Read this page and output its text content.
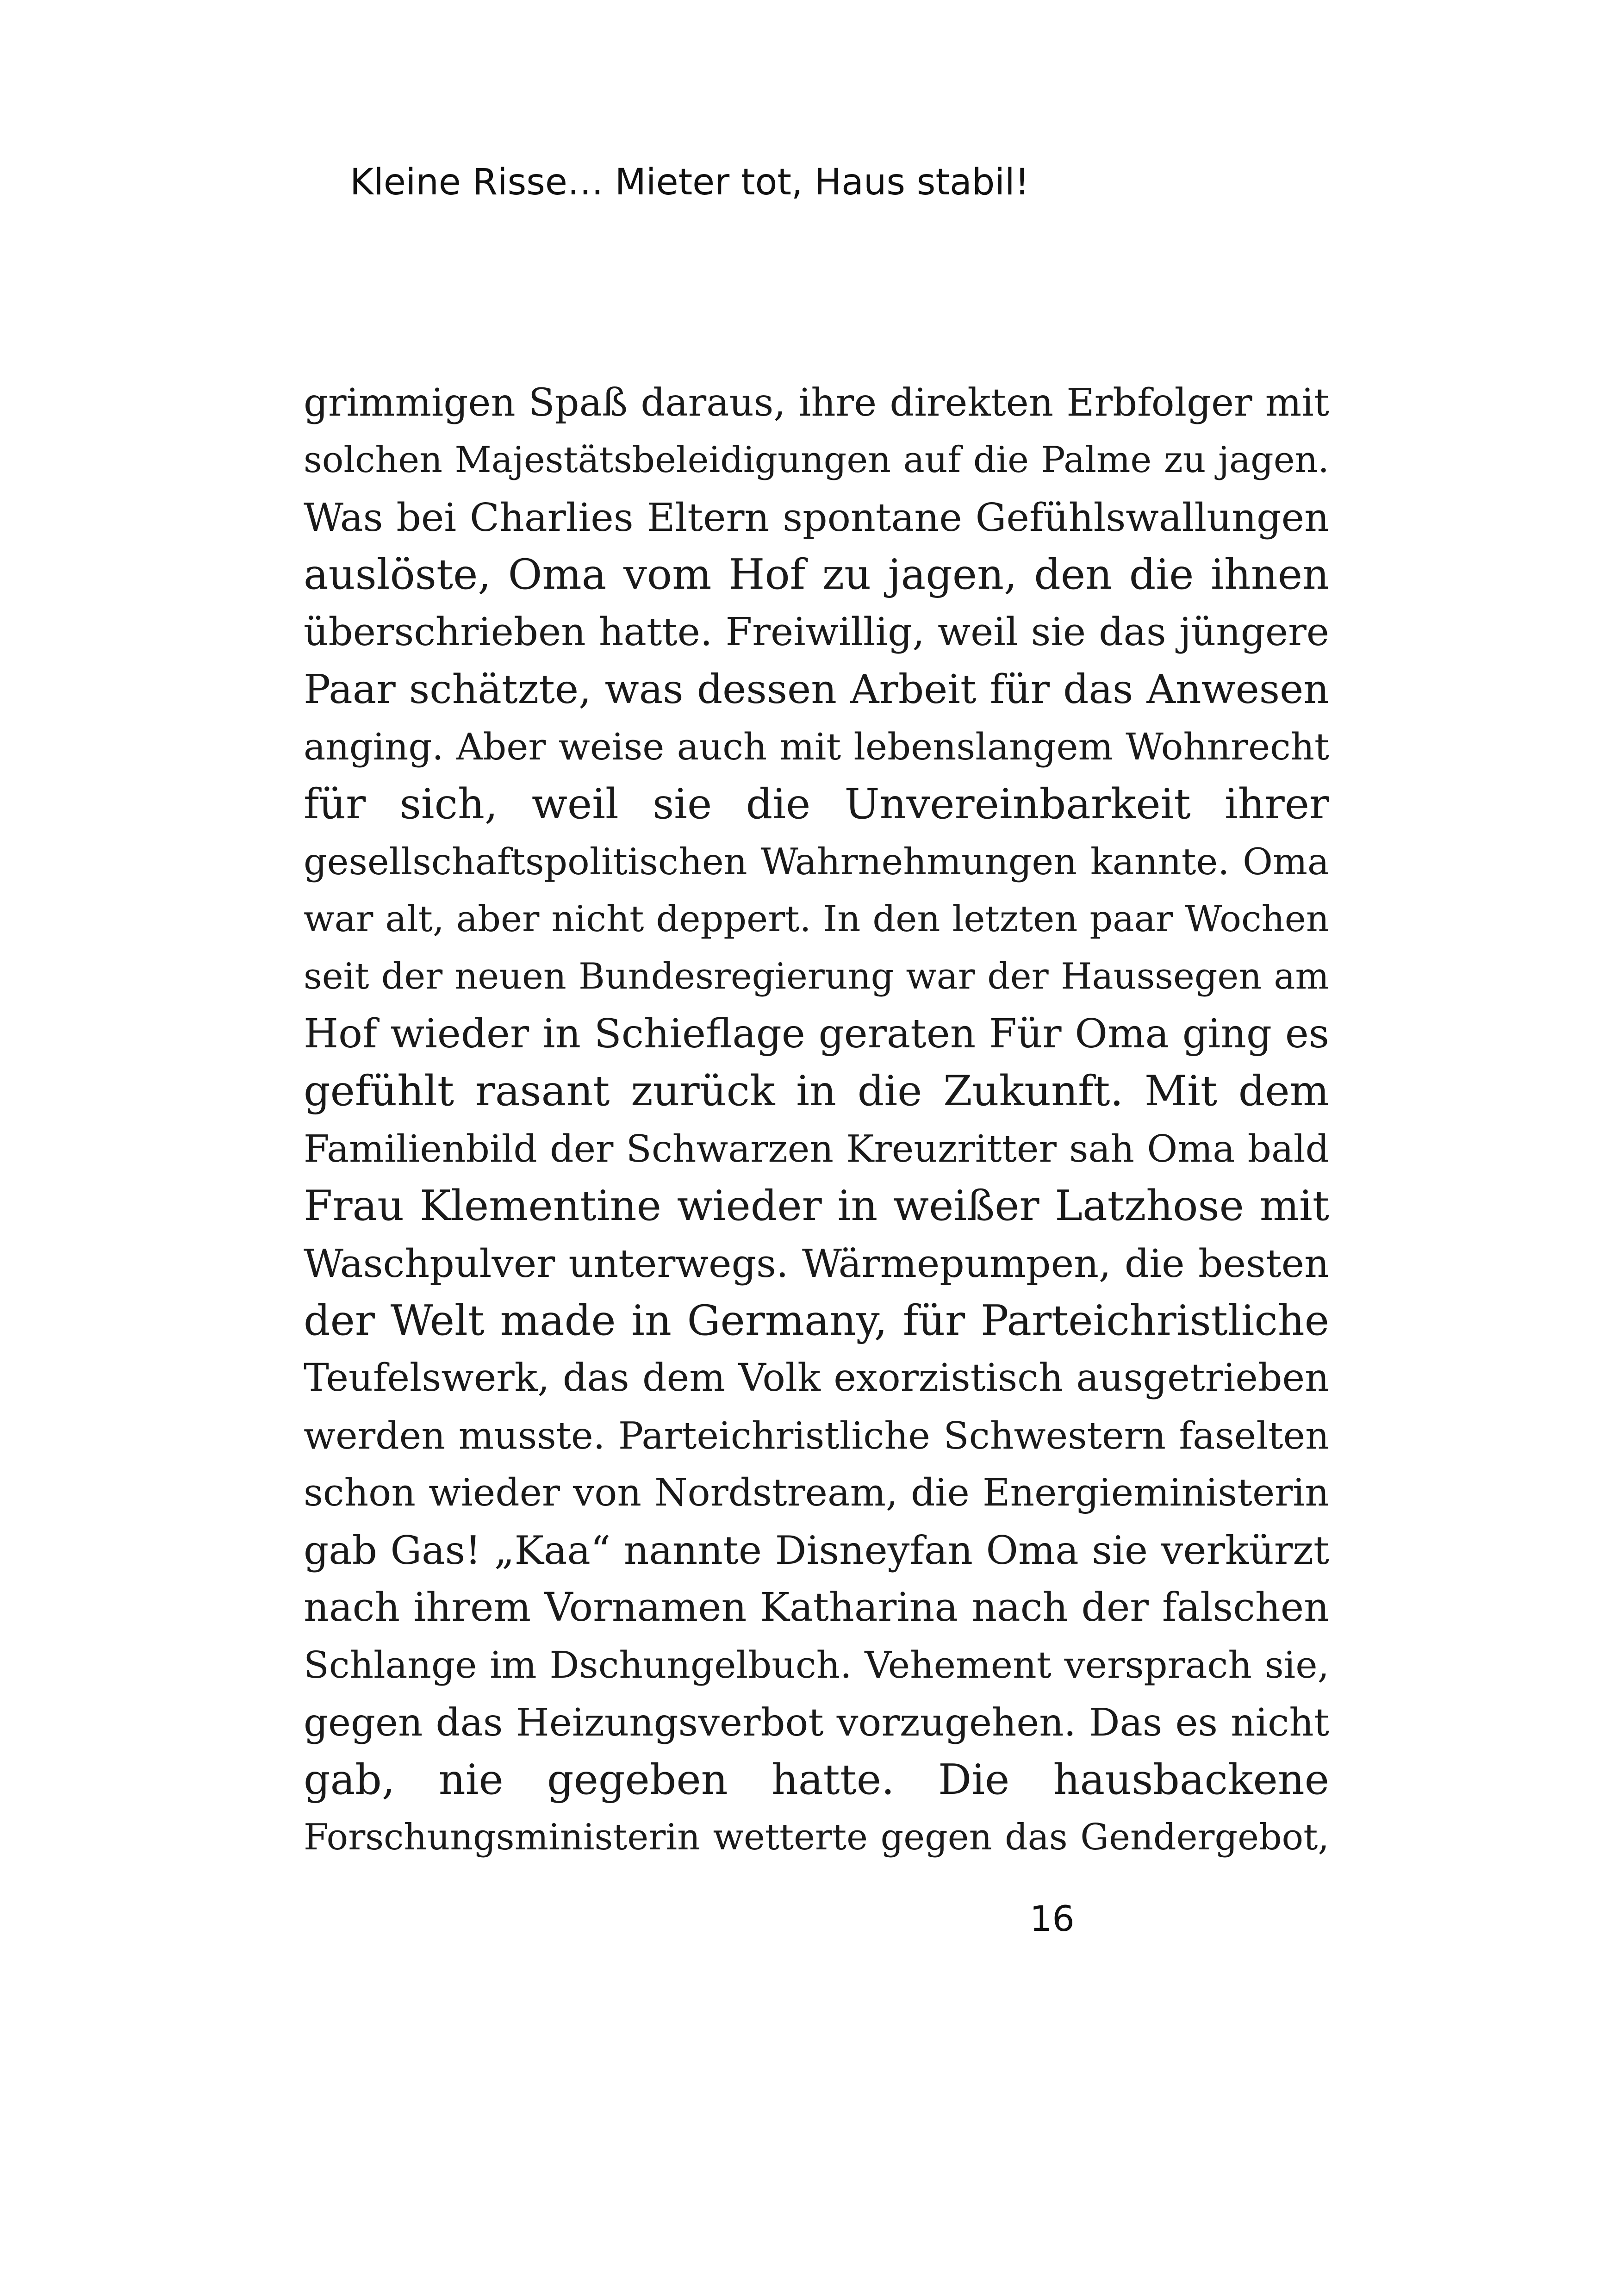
Kleine Risse… Mieter tot, Haus stabil!
grimmigen Spaß daraus, ihre direkten Erbfolger mit
solchen Majestätsbeleidigungen auf die Palme zu jagen.
Was bei Charlies Eltern spontane Gefühlswallungen
auslöste, Oma vom Hof zu jagen, den die ihnen
überschrieben hatte. Freiwillig, weil sie das jüngere
Paar schätzte, was dessen Arbeit für das Anwesen
anging. Aber weise auch mit lebenslangem Wohnrecht
für sich, weil sie die Unvereinbarkeit ihrer
gesellschaftspolitischen Wahrnehmungen kannte. Oma
war alt, aber nicht deppert. In den letzten paar Wochen
seit der neuen Bundesregierung war der Haussegen am
Hof wieder in Schieflage geraten Für Oma ging es
gefühlt rasant zurück in die Zukunft. Mit dem
Familienbild der Schwarzen Kreuzritter sah Oma bald
Frau Klementine wieder in weißer Latzhose mit
Waschpulver unterwegs. Wärmepumpen, die besten
der Welt made in Germany, für Parteichristliche
Teufelswerk, das dem Volk exorzistisch ausgetrieben
werden musste. Parteichristliche Schwestern faselten
schon wieder von Nordstream, die Energieministerin
gab Gas! „Kaa“ nannte Disneyfan Oma sie verkürzt
nach ihrem Vornamen Katharina nach der falschen
Schlange im Dschungelbuch. Vehement versprach sie,
gegen das Heizungsverbot vorzugehen. Das es nicht
gab, nie gegeben hatte. Die hausbackene
Forschungsministerin wetterte gegen das Gendergebot,
16
